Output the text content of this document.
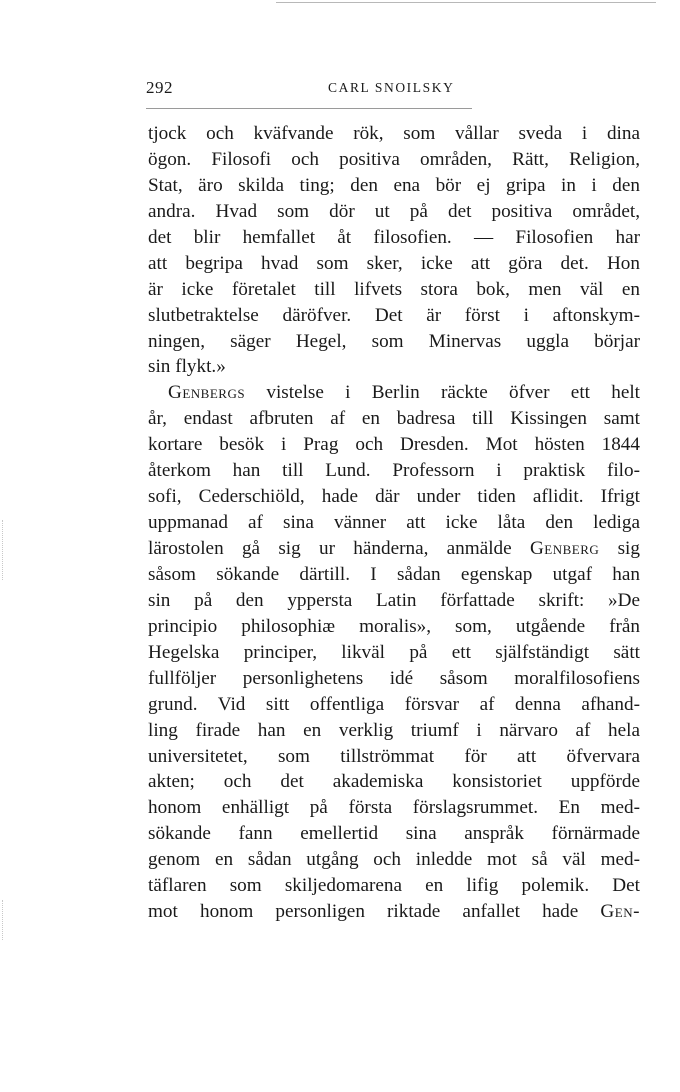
292	CARL SNOILSKY
tjock och kväfvande rök, som vållar sveda i dina
ögon. Filosofi och positiva områden, Rätt, Religion,
Stat, äro skilda ting; den ena bör ej gripa in i den
andra. Hvad som dör ut på det positiva området,
det blir hemfallet åt filosofien. — Filosofien har
att begripa hvad som sker, icke att göra det. Hon
är icke företalet till lifvets stora bok, men väl en
slutbetraktelse däröfver. Det är först i aftonskym-
ningen, säger Hegel, som Minervas uggla börjar
sin flykt.»
Genbergs vistelse i Berlin räckte öfver ett helt
år, endast afbruten af en badresa till Kissingen samt
kortare besök i Prag och Dresden. Mot hösten 1844
återkom han till Lund. Professorn i praktisk filo-
sofi, Cederschiöld, hade där under tiden aflidit. Ifrigt
uppmanad af sina vänner att icke låta den lediga
lärostolen gå sig ur händerna, anmälde Genberg sig
såsom sökande därtill. I sådan egenskap utgaf han
sin på den yppersta Latin författade skrift: »De
principio philosophiæ moralis», som, utgående från
Hegelska principer, likväl på ett själfständigt sätt
fullföljer personlighetens idé såsom moralfilosofiens
grund. Vid sitt offentliga försvar af denna afhand-
ling firade han en verklig triumf i närvaro af hela
universitetet, som tillströmmat för att öfvervara
akten; och det akademiska konsistoriet uppförde
honom enhälligt på första förslagsrummet. En med-
sökande fann emellertid sina anspråk förnärmade
genom en sådan utgång och inledde mot så väl med-
täflaren som skiljedomarena en lifig polemik. Det
mot honom personligen riktade anfallet hade Gen-
